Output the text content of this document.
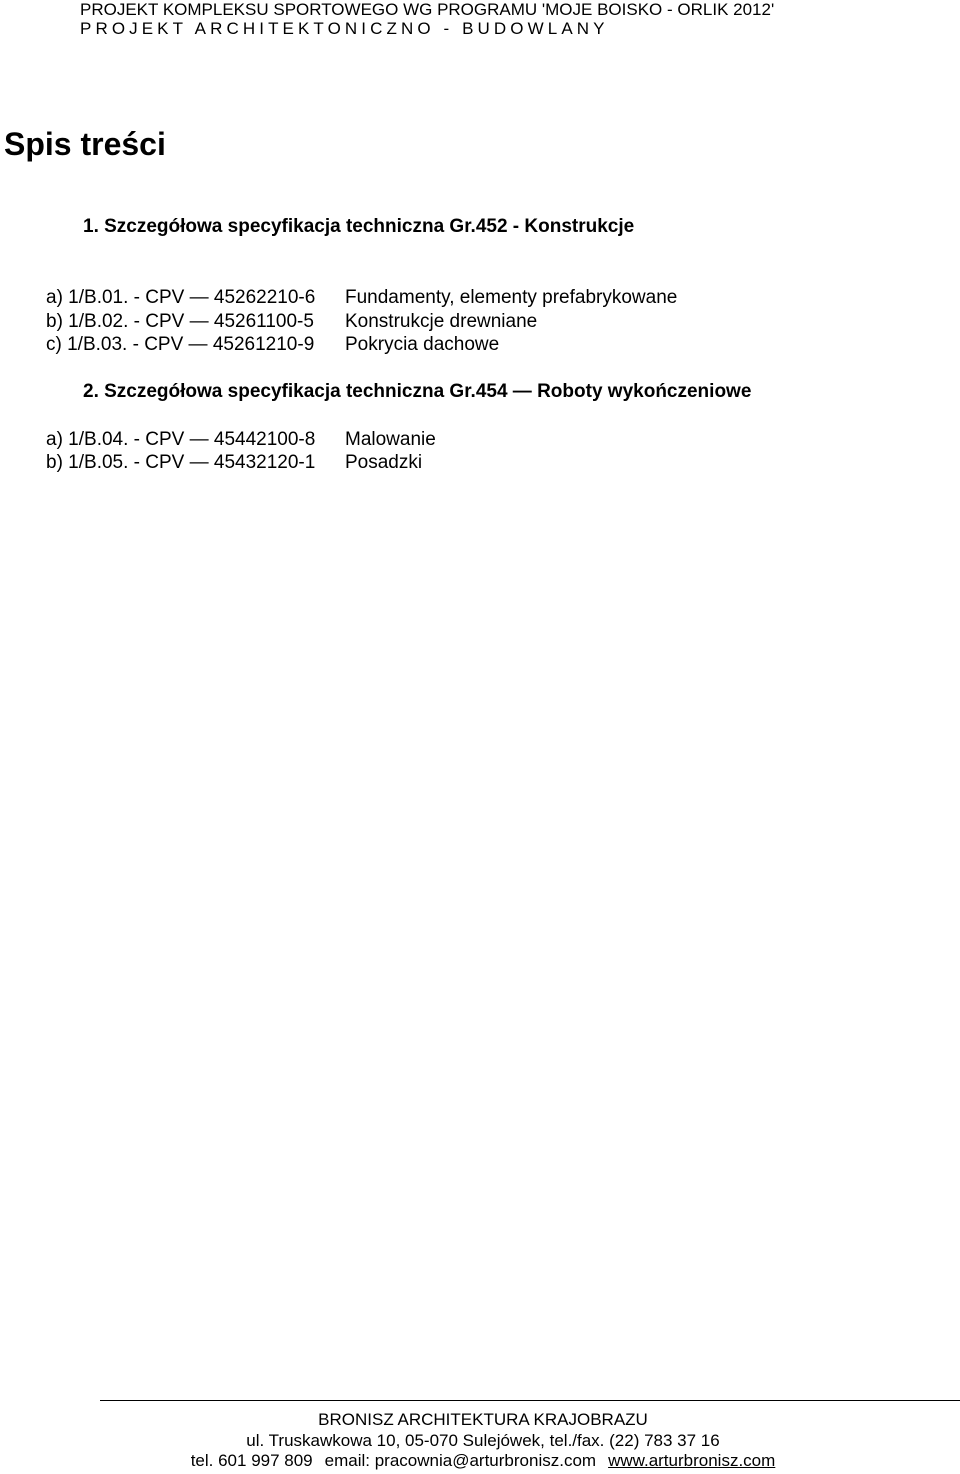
PROJEKT KOMPLEKSU SPORTOWEGO WG PROGRAMU 'MOJE BOISKO - ORLIK 2012'
PROJEKT ARCHITEKTONICZNO - BUDOWLANY
Spis treści
1. Szczegółowa specyfikacja techniczna Gr.452 - Konstrukcje
a) 1/B.01. - CPV — 45262210-6 Fundamenty, elementy prefabrykowane
b) 1/B.02. - CPV — 45261100-5 Konstrukcje drewniane
c) 1/B.03. - CPV — 45261210-9 Pokrycia dachowe
2. Szczegółowa specyfikacja techniczna Gr.454 — Roboty wykończeniowe
a) 1/B.04. - CPV — 45442100-8 Malowanie
b) 1/B.05. - CPV — 45432120-1 Posadzki
BRONISZ ARCHITEKTURA KRAJOBRAZU
ul. Truskawkowa 10, 05-070 Sulejówek, tel./fax. (22) 783 37 16
tel. 601 997 809 email: pracownia@arturbronisz.com www.arturbronisz.com
